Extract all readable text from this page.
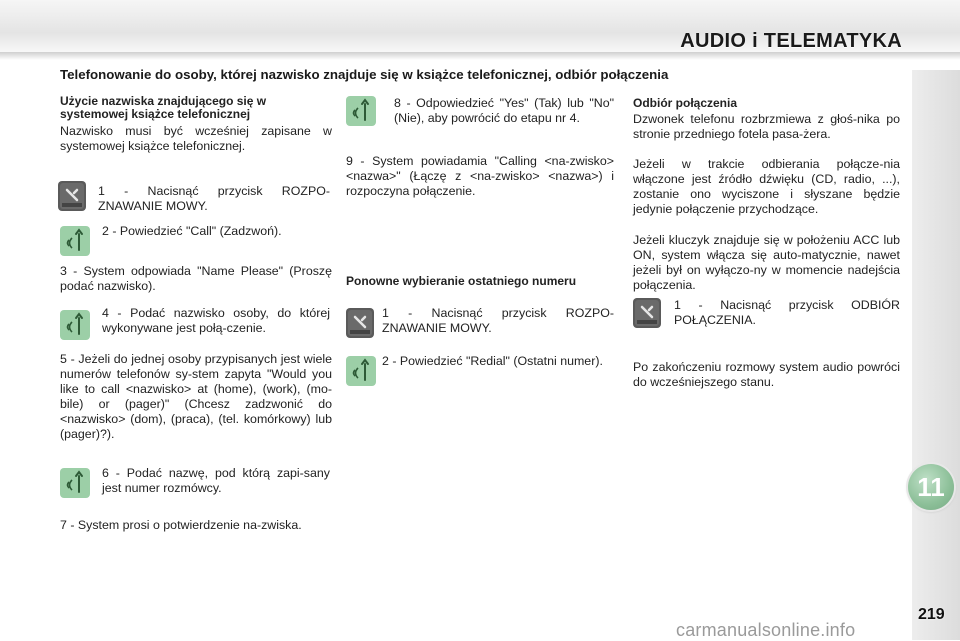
AUDIO i TELEMATYKA
Telefonowanie do osoby, której nazwisko znajduje się w książce telefonicznej, odbiór połączenia
11
219
carmanualsonline.info
Użycie nazwiska znajdującego się w systemowej książce telefonicznej
Nazwisko musi być wcześniej zapisane w systemowej książce telefonicznej.
1 - Nacisnąć przycisk ROZPO-ZNAWANIE MOWY.
2 - Powiedzieć "Call" (Zadzwoń).
3 - System odpowiada "Name Please" (Proszę podać nazwisko).
4 - Podać nazwisko osoby, do której wykonywane jest połą-czenie.
5 - Jeżeli do jednej osoby przypisanych jest wiele numerów telefonów sy-stem zapyta "Would you like to call <nazwisko> at (home), (work), (mo-bile) or (pager)" (Chcesz zadzwonić do <nazwisko> (dom), (praca), (tel. komórkowy) lub (pager)?).
6 - Podać nazwę, pod którą zapi-sany jest numer rozmówcy.
7 - System prosi o potwierdzenie na-zwiska.
8 - Odpowiedzieć "Yes" (Tak) lub "No" (Nie), aby powrócić do etapu nr 4.
9 - System powiadamia "Calling <na-zwisko> <nazwa>" (Łączę z <na-zwisko> <nazwa>) i rozpoczyna połączenie.
Ponowne wybieranie ostatniego numeru
1 - Nacisnąć przycisk ROZPO-ZNAWANIE MOWY.
2 - Powiedzieć "Redial" (Ostatni numer).
Odbiór połączenia
Dzwonek telefonu rozbrzmiewa z głoś-nika po stronie przedniego fotela pasa-żera.
Jeżeli w trakcie odbierania połącze-nia włączone jest źródło dźwięku (CD, radio, ...), zostanie ono wyciszone i słyszane będzie jedynie połączenie przychodzące.
Jeżeli kluczyk znajduje się w położeniu ACC lub ON, system włącza się auto-matycznie, nawet jeżeli był on wyłączo-ny w momencie nadejścia połączenia.
1 - Nacisnąć przycisk ODBIÓR POŁĄCZENIA.
Po zakończeniu rozmowy system audio powróci do wcześniejszego stanu.
